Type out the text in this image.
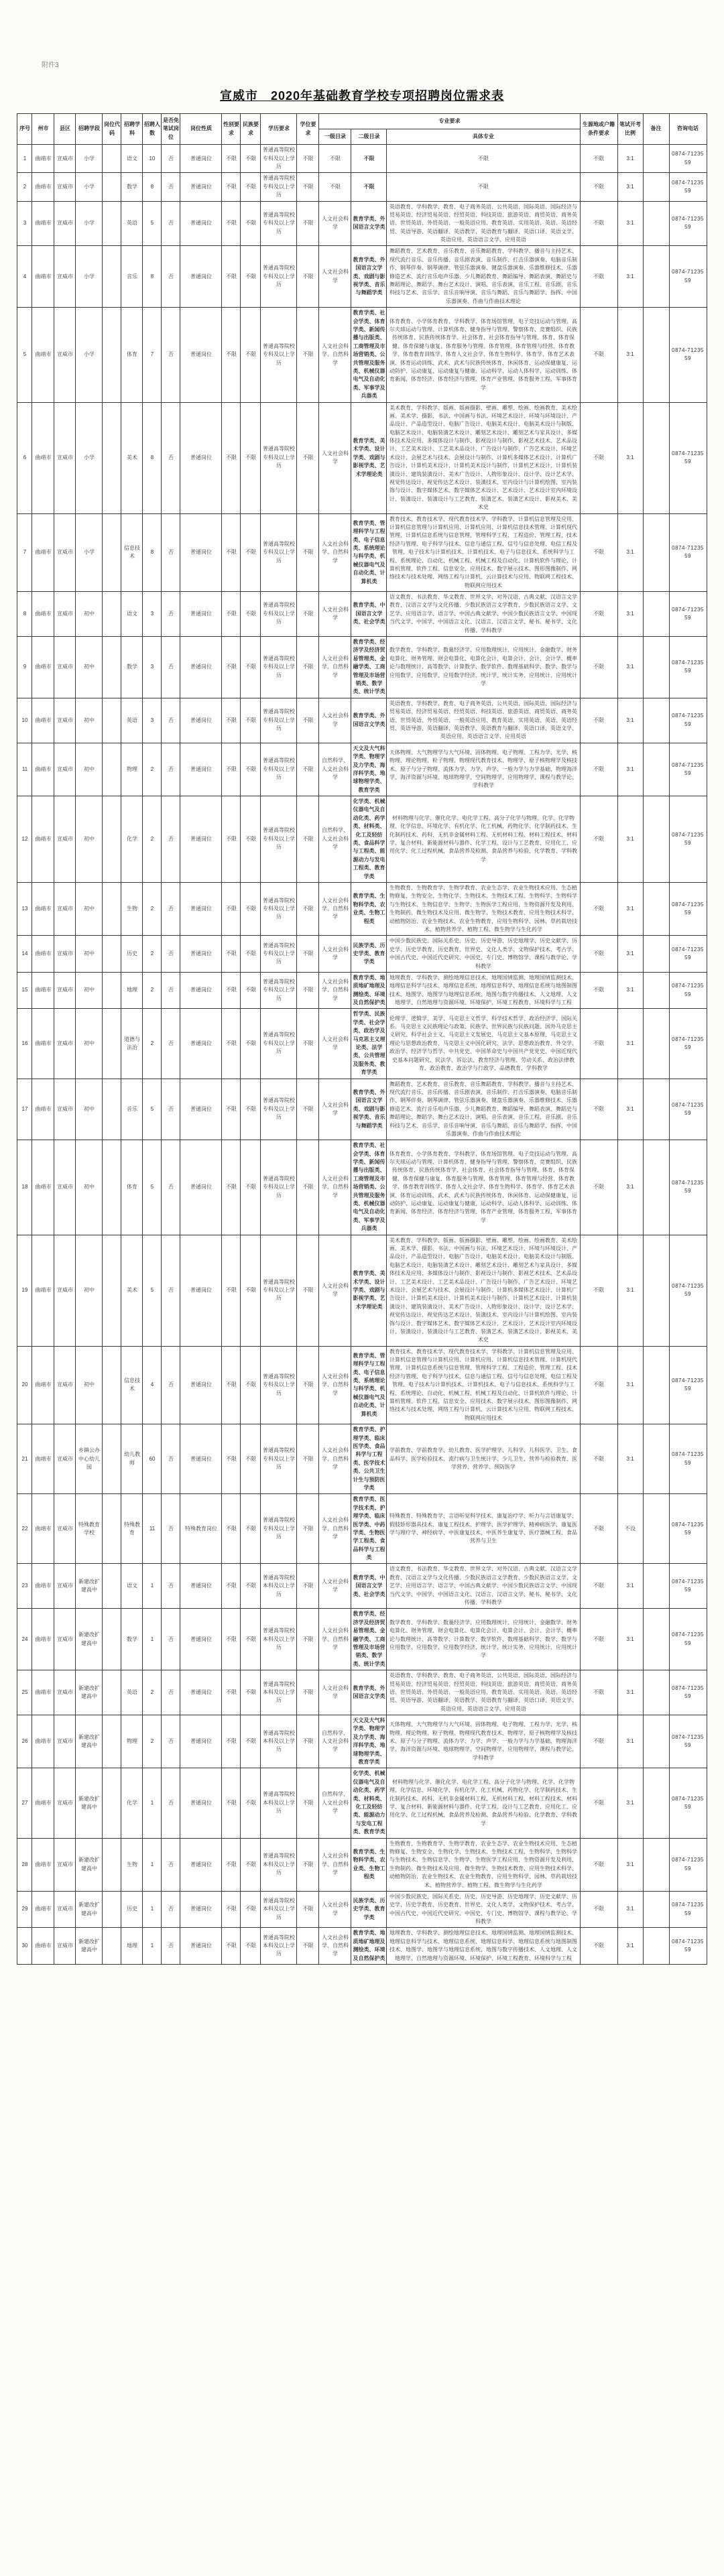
附件3
宣威市　2020年基础教育学校专项招聘岗位需求表
序号	州市	县区	招聘学段	岗位代码	招聘学科	招聘人数	是否免笔试岗位	岗位性质	性别要求	民族要求	学历要求	学位要求	专业要求			生源地或户籍条件要求	笔试开考比例	备注	咨询电话
													一级目录	二级目录	具体专业				
1	曲靖市	宣威市	小学		语文	10	否	普通岗位	不限	不限	普通高等院校专科及以上学历	不限	不限	不限	不限	不限	3:1		0874-7123559
2	曲靖市	宣威市	小学		数学	8	否	普通岗位	不限	不限	普通高等院校专科及以上学历	不限	不限	不限	不限	不限	3:1		0874-7123559
3	曲靖市	宣威市	小学		英语	5	否	普通岗位	不限	不限	普通高等院校专科及以上学历	不限	人文社会科学	教育学类、外国语言文学类	英语教育、学科教学、教育、电子商务英语、公共英语、国际英语、国际经济与贸易英语、经济贸易英语、经贸英语、科技英语、旅游英语、商贸英语、商务英语、世贸英语、外贸英语、一般英语应用、教育英语、实用英语、英语、英语经贸、英语导游、英语翻译、英语教学、英语教育与翻译、英语口译、英语文学、英语应用、英语语言文学、应用英语	不限	3:1		0874-7123559
4	曲靖市	宣威市	小学		音乐	8	否	普通岗位	不限	不限	普通高等院校专科及以上学历	不限	人文社会科学	教育学类、外国语言文学类、戏剧与影视学类、音乐与舞蹈学类	舞蹈教育、艺术教育、音乐教育、音乐舞蹈教育、学科教学、播音与主持艺术、现代流行音乐、音乐传播、音乐剧表演、音乐制作、打击乐器演奏、电脑音乐制作、钢琴伴奏、钢琴调律、管弦乐器演奏、键盘乐器演奏、乐器维修技术、乐器修造艺术、流行音乐电声乐器、少儿舞蹈教育、舞蹈编导、舞蹈表演、舞蹈史与舞蹈理论、舞蹈学、舞台艺术设计、演唱、音乐表演、音乐工程、音乐剧、音乐科技与艺术、音乐学、音乐音响导演、音乐与舞蹈、音乐与舞蹈学、指挥、中国乐器演奏、作曲与作曲技术理论	不限	3:1		0874-7123559
5	曲靖市	宣威市	小学		体育	7	否	普通岗位	不限	不限	普通高等院校专科及以上学历	不限	人文社会科学、自然科学	教育学类、社会学类、体育学类、新闻传播与出版类、工商管理及市场营销类、公共管理及服务类、机械仪器电气及自动化类、军事学及兵器类	体育教育、小学体育教育、学科教学、体育场馆管理、电子竞技运动与管理、高尔夫球运动与管理、计算机体育、健身指导与管理、警察体育、竞赛组织、民族传统体育、民族传统体育学、社会体育、社会体育指导与管理、体育、体育保健、体育保健与康复、体育服务与管理、体育管理、体育管理与经营、体育教学、体育教育训练学、体育人文社会学、体育生物科学、体育学、体育艺术表演、体育运动训练、武术、武术与民族传统体育、休闲体育、运动保健康复、运动防护、运动康复、运动康复与健康、运动科学、运动人体科学、运动训练、体育新闻、体育经济、体育经济与管理、体育产业管理、体育服务工程、军事体育学	不限	3:1		0874-7123559
6	曲靖市	宣威市	小学		美术	8	否	普通岗位	不限	不限	普通高等院校专科及以上学历	不限	人文社会科学	教育学类、美术学类、设计学类、戏剧与影视学类、艺术学理论类	美术教育、学科教学、版画、版画摄影、壁画、雕塑、绘画、绘画教育、美术绘画、美术学、摄影、书法、中国画与书法、环境艺术设计、环境与环境设计、产品设计、产品造型设计、电脑广告设计、电脑美术设计、电脑美术设计与制版、电脑艺术设计、电脑装潢艺术设计、雕刻艺术设计、雕刻艺术与家具设计、多媒体技术及应用、多媒体设计与制作、影视设计与制作、影视艺术技术、艺术品设计、工艺美术设计、工艺美术品设计、广告设计与制作、广告艺术设计、环境艺术设计、会展艺术与技术、会展设计与制作、计算机多媒体艺术设计、计算机广告设计、计算机美术设计、计算机美术设计与制作、计算机艺术设计、计算机装潢设计、建筑装潢设计、美术广告设计、人物形象设计、设计学、设计艺术学、视觉传达设计、视觉传达艺术设计、装潢技术、室内设计与计算机绘图、室内装饰与设计、数字媒体艺术、数字媒体艺术设计、艺术设计、艺术设计室内环境设计、装潢设计、装潢设计与工艺教育、装潢艺术、装潢艺术设计、影视美术、美术史	不限	3:1		0874-7123559
7	曲靖市	宣威市	小学		信息技术	8	否	普通岗位	不限	不限	普通高等院校专科及以上学历	不限	人文社会科学、自然科学	教育学类、管理科学与工程类、电子信息类、系统理论与科学类、机械仪器电气及自动化类、计算机类	教育技术、教育技术学、现代教育技术学、学科教学、计算机信息管理及应用、计算机信息管理与计算机应用、计算机应用、计算机信息技术管理、计算机现代管理、计算机信息系统与信息管理、管理科学工程、工程造价、管理工程、技术经济与管理、电子科学与技术、信息与通信工程、信号与信息处理、电信工程及管理、电子技术与计算机技术、计算机技术、电子与信息技术、系统科学与工程、系统理论、自动化、机械工程、机械工程及自动化、计算机软件与理论、计算机管理、软件工程、信息安全、应用技术、数字展示技术、图形图像制作、网络技术与技术处理、网络工程与计算机、云计算技术与应用、物联网工程技术、物联网应用技术	不限	3:1		0874-7123559
8	曲靖市	宣威市	初中		语文	3	否	普通岗位	不限	不限	普通高等院校专科及以上学历	不限	人文社会科学	教育学类、中国语言文学类、社会学类	语文教育、书法教育、华文教育、世界文学、对外汉语、古典文献、汉语言文学教育、汉语言文学与文化传播、少数民族语言文学教育、少数民族语言文学、文艺学、应用语言学、语言学、中国古典文献学、中国少数民族语言文学、中国现当代文学、中国学、中国语言文化、汉语言、汉语言文学、秘书、秘书学、文化传播、学科教学	不限	3:1		0874-7123559
9	曲靖市	宣威市	初中		数学	3	否	普通岗位	不限	不限	普通高等院校专科及以上学历	不限	人文社会科学、自然科学	教育学类、经济学及经济贸易管理类、金融学类、工商管理及市场营销类、数学类、统计学类	数学教育、学科教学、数量经济学、应用数理统计、应用统计、金融数学、财务电算化、财务管理、财会电算化、电算化会计、电算会计、会计、会计学、概率论与数理统计、高等数学、计算数学、数学软件、数理基础科学、数学、数学与应用数学、应用数学、应用数学经济、统计学、统计实务、应用统计、应用统计学	不限	3:1		0874-7123559
10	曲靖市	宣威市	初中		英语	3	否	普通岗位	不限	不限	普通高等院校专科及以上学历	不限	人文社会科学	教育学类、外国语言文学类	英语教育、学科教学、教育、电子商务英语、公共英语、国际英语、国际经济与贸易英语、经济贸易英语、经贸英语、科技英语、旅游英语、商贸英语、商务英语、世贸英语、外贸英语、一般英语应用、教育英语、实用英语、英语、英语经贸、英语导游、英语翻译、英语教学、英语教育与翻译、英语口译、英语文学、英语应用、英语语言文学、应用英语	不限	3:1		0874-7123559
11	曲靖市	宣威市	初中		物理	2	否	普通岗位	不限	不限	普通高等院校专科及以上学历	不限	自然科学、人文社会科学	天文及大气科学类、物理学及力学类、海洋科学类、地球物理学类、教育学类	天体物理、大气物理学与大气环境、固体物理、电子物理、工程力学、光学、核物理、理论物理、粒子物理、物理现代教育技术、物理学、原子核物理学及核技术、原子与分子物理、流体力学、力学、声学、一般力学与力学基础、物理海洋学、海洋资源与环境、地球物理学、空间物理学、应用物理学、课程与教学论、学科教学	不限	3:1		0874-7123559
12	曲靖市	宣威市	初中		化学	2	否	普通岗位	不限	不限	普通高等院校专科及以上学历	不限	自然科学、人文社会科学	化学类、机械仪器电气及自动化类、药学类、材料类、化工及轻纺类、食品科学与工程类、能源动力与发电工程类、教育学类	材料物理与化学、催化化学、电化学工程、高分子化学与物理、化学、化学物理、化学信息、环境化学、有机化学、化工机械、药物化学、化学制药技术、生化制药技术、药科、无机非金属材料工程、无机材料工程、材料工程技术、材料学、复合材料、新能源材料与器件、化学工程、设计与工艺教育、应用化工、应用化学、化工过程机械、食品营养及检测、食品营养与检验、化学教育、学科教学	不限	3:1		0874-7123559
13	曲靖市	宣威市	初中		生物	2	否	普通岗位	不限	不限	普通高等院校专科及以上学历	不限	人文社会科学、自然科学	教育学类、生物科学类、农业类、生物工程类	生物教育、生物教育学、生物学教育、农业生态学、农业生物技术应用、生态植物修复、生物安全、生物化学、生物技术、生物技术工程、生物科学、生物科学与生物技术、生物信息学、生物学、生物医学工程应用、生物资源开发及利用、生物制药、微生物技术及应用、微生物学、生物技术教育、应用生物技术科学、动植物防治、农业生物技术、农业生物教育、应用生物科学、园林、草药栽培技术、植物营养学、植物工程、微生物学与生化药学	不限	3:1		0874-7123559
14	曲靖市	宣威市	初中		历史	2	否	普通岗位	不限	不限	普通高等院校专科及以上学历	不限	人文社会科学	民族学类、历史学类、教育学类	中国少数民族史、国际关系史、历史、历史导游、历史地理学、历史文献学、历史学、历史学教育、历史教育、世界史、文化人类学、文物保护技术、考古学、中国古代史、中国近代史研究、中国史、专门史、博物馆学、课程与教学论、学科教学	不限	3:1		0874-7123559
15	曲靖市	宣威市	初中		地理	2	否	普通岗位	不限	不限	普通高等院校专科及以上学历	不限	人文社会科学、自然科学	教育学类、地质地矿地理及测绘类、环境及自然保护类	地理教育、学科教学、测绘地理信息技术、地理国情监测、地理国情监测技术、地理信息科学与技术、地理信息系统、地理信息科学、地理信息系统与地图制图技术、地图学、地图学与地理信息系统、地图与数字传播技术、人文地理、人文地理学、自然地理与资源环境、环境保护、环境工程教育、环境科学与工程	不限	3:1		0874-7123559
16	曲靖市	宣威市	初中		道德与法治	2	否	普通岗位	不限	不限	普通高等院校专科及以上学历	不限	人文社会科学	哲学类、民族学类、社会学类、政治学及马克思主义理论类、法学类、公共管理及服务类、教育学类	伦理学、逻辑学、美学、马克思主义哲学、科学技术哲学、政治经济学、国际关系、马克思主义民族理论与政策、民族学、世界民族与民族问题、国外马克思主义研究、科学社会主义、马克思主义发展史、马克思主义基本原理、马克思主义理论与思想政治教育、马克思主义中国化研究、法学、思想政治教育、外交学、政治学、经济学与哲学、中共党史、中国革命史与中国共产党党史、中国近现代史基本问题研究、民法学、诉讼法、教育经济与管理、劳动关系、政治法律教育、政治教育、政治学与行政学、品德教育、学科教学	不限	3:1		0874-7123559
17	曲靖市	宣威市	初中		音乐	5	否	普通岗位	不限	不限	普通高等院校专科及以上学历	不限	人文社会科学	教育学类、外国语言文学类、戏剧与影视学类、音乐与舞蹈学类	舞蹈教育、艺术教育、音乐教育、音乐舞蹈教育、学科教学、播音与主持艺术、现代流行音乐、音乐传播、音乐剧表演、音乐制作、打击乐器演奏、电脑音乐制作、钢琴伴奏、钢琴调律、管弦乐器演奏、键盘乐器演奏、乐器维修技术、乐器修造艺术、流行音乐电声乐器、少儿舞蹈教育、舞蹈编导、舞蹈表演、舞蹈史与舞蹈理论、舞蹈学、舞台艺术设计、演唱、音乐表演、音乐工程、音乐剧、音乐科技与艺术、音乐学、音乐音响导演、音乐与舞蹈、音乐与舞蹈学、指挥、中国乐器演奏、作曲与作曲技术理论	不限	3:1		0874-7123559
18	曲靖市	宣威市	初中		体育	5	否	普通岗位	不限	不限	普通高等院校专科及以上学历	不限	人文社会科学、自然科学	教育学类、社会学类、体育学类、新闻传播与出版类、工商管理及市场营销类、公共管理及服务类、机械仪器电气及自动化类、军事学及兵器类	体育教育、小学体育教育、学科教学、体育场馆管理、电子竞技运动与管理、高尔夫球运动与管理、计算机体育、健身指导与管理、警察体育、竞赛组织、民族传统体育、民族传统体育学、社会体育、社会体育指导与管理、体育、体育保健、体育保健与康复、体育服务与管理、体育管理、体育管理与经营、体育教学、体育教育训练学、体育人文社会学、体育生物科学、体育学、体育艺术表演、体育运动训练、武术、武术与民族传统体育、休闲体育、运动保健康复、运动防护、运动康复、运动康复与健康、运动科学、运动人体科学、运动训练、体育新闻、体育经济、体育经济与管理、体育产业管理、体育服务工程、军事体育学	不限	3:1		0874-7123559
19	曲靖市	宣威市	初中		美术	5	否	普通岗位	不限	不限	普通高等院校专科及以上学历	不限	人文社会科学	教育学类、美术学类、设计学类、戏剧与影视学类、艺术学理论类	美术教育、学科教学、版画、版画摄影、壁画、雕塑、绘画、绘画教育、美术绘画、美术学、摄影、书法、中国画与书法、环境艺术设计、环境与环境设计、产品设计、产品造型设计、电脑广告设计、电脑美术设计、电脑美术设计与制版、电脑艺术设计、电脑装潢艺术设计、雕刻艺术设计、雕刻艺术与家具设计、多媒体技术及应用、多媒体设计与制作、影视设计与制作、影视艺术技术、艺术品设计、工艺美术设计、工艺美术品设计、广告设计与制作、广告艺术设计、环境艺术设计、会展艺术与技术、会展设计与制作、计算机多媒体艺术设计、计算机广告设计、计算机美术设计、计算机美术设计与制作、计算机艺术设计、计算机装潢设计、建筑装潢设计、美术广告设计、人物形象设计、设计学、设计艺术学、视觉传达设计、视觉传达艺术设计、装潢技术、室内设计与计算机绘图、室内装饰与设计、数字媒体艺术、数字媒体艺术设计、艺术设计、艺术设计室内环境设计、装潢设计、装潢设计与工艺教育、装潢艺术、装潢艺术设计、影视美术、美术史	不限	3:1		0874-7123559
20	曲靖市	宣威市	初中		信息技术	4	否	普通岗位	不限	不限	普通高等院校专科及以上学历	不限	人文社会科学、自然科学	教育学类、管理科学与工程类、电子信息类、系统理论与科学类、机械仪器电气及自动化类、计算机类	教育技术、教育技术学、现代教育技术学、学科教学、计算机信息管理及应用、计算机信息管理与计算机应用、计算机应用、计算机信息技术管理、计算机现代管理、计算机信息系统与信息管理、管理科学工程、工程造价、管理工程、技术经济与管理、电子科学与技术、信息与通信工程、信号与信息处理、电信工程及管理、电子技术与计算机技术、计算机技术、电子与信息技术、系统科学与工程、系统理论、自动化、机械工程、机械工程及自动化、计算机软件与理论、计算机管理、软件工程、信息安全、应用技术、数字展示技术、图形图像制作、网络技术与技术处理、网络工程与计算机、云计算技术与应用、物联网工程技术、物联网应用技术	不限	3:1		0874-7123559
21	曲靖市	宣威市	乡镇公办中心幼儿园		幼儿教师	60	否	普通岗位	不限	不限	普通高等院校专科及以上学历	不限	人文社会科学、自然科学	教育学类、护理学类、临床医学类、食品科学与工程类、医学技术类、公共卫生计生与预防医学类	学前教育、学前教育学、幼儿教育、医学护理学、儿科学、儿科医学、卫生、食品科学、医学检验技术、流行病与卫生统计学、少儿卫生、营养与检验教育、医学营养、营养学、预防医学	不限	3:1		0874-7123559
22	曲靖市	宣威市	特殊教育学校		特殊教育	11	否	特殊教育岗位	不限	不限	普通高等院校专科及以上学历	不限	人文社会科学、自然科学	教育学类、医学技术类、护理学类、临床医学类、中药学类、生物医学工程类、食品科学与工程类	特殊教育、特殊教育学、言语听觉科学技术、康复治疗学、听力与言语康复学、假肢矫形器具技术、康复工程技术、护理学、医学护理学、精神病医学、康复医学与理疗学、神经病学、中医康复技术、中医养生康复学、医疗器械工程、食品营养与卫生	不限	不设		0874-7123559
23	曲靖市	宣威市	新建改扩建高中		语文	1	否	普通岗位	不限	不限	普通高等院校本科及以上学历	不限	人文社会科学	教育学类、中国语言文学类、社会学类	语文教育、书法教育、华文教育、世界文学、对外汉语、古典文献、汉语言文学教育、汉语言文学与文化传播、少数民族语言文学教育、少数民族语言文学、文艺学、应用语言学、语言学、中国古典文献学、中国少数民族语言文学、中国现当代文学、中国学、中国语言文化、汉语言、汉语言文学、秘书、秘书学、文化传播、学科教学	不限	3:1		0874-7123559
24	曲靖市	宣威市	新建改扩建高中		数学	1	否	普通岗位	不限	不限	普通高等院校本科及以上学历	不限	人文社会科学、自然科学	教育学类、经济学及经济贸易管理类、金融学类、工商管理及市场营销类、数学类、统计学类	数学教育、学科教学、数量经济学、应用数理统计、应用统计、金融数学、财务电算化、财务管理、财会电算化、电算化会计、电算会计、会计、会计学、概率论与数理统计、高等数学、计算数学、数学软件、数理基础科学、数学、数学与应用数学、应用数学、应用数学经济、统计学、统计实务、应用统计、应用统计学	不限	3:1		0874-7123559
25	曲靖市	宣威市	新建改扩建高中		英语	2	否	普通岗位	不限	不限	普通高等院校本科及以上学历	不限	人文社会科学	教育学类、外国语言文学类	英语教育、学科教学、教育、电子商务英语、公共英语、国际英语、国际经济与贸易英语、经济贸易英语、经贸英语、科技英语、旅游英语、商贸英语、商务英语、世贸英语、外贸英语、一般英语应用、教育英语、实用英语、英语、英语经贸、英语导游、英语翻译、英语教学、英语教育与翻译、英语口译、英语文学、英语应用、英语语言文学、应用英语	不限	3:1		0874-7123559
26	曲靖市	宣威市	新建改扩建高中		物理	2	否	普通岗位	不限	不限	普通高等院校本科及以上学历	不限	自然科学、人文社会科学	天文及大气科学类、物理学及力学类、海洋科学类、地球物理学类、教育学类	天体物理、大气物理学与大气环境、固体物理、电子物理、工程力学、光学、核物理、理论物理、粒子物理、物理现代教育技术、物理学、原子核物理学及核技术、原子与分子物理、流体力学、力学、声学、一般力学与力学基础、物理海洋学、海洋资源与环境、地球物理学、空间物理学、应用物理学、课程与教学论、学科教学	不限	3:1		0874-7123559
27	曲靖市	宣威市	新建改扩建高中		化学	1	否	普通岗位	不限	不限	普通高等院校本科及以上学历	不限	自然科学、人文社会科学	化学类、机械仪器电气及自动化类、药学类、材料类、化工及轻纺类、能源动力与发电工程类、教育学类	材料物理与化学、催化化学、电化学工程、高分子化学与物理、化学、化学物理、化学信息、环境化学、有机化学、化工机械、药物化学、化学制药技术、生化制药技术、药科、无机非金属材料工程、无机材料工程、材料工程技术、材料学、复合材料、新能源材料与器件、化学工程、设计与工艺教育、应用化工、应用化学、化工过程机械、食品营养及检测、食品营养与检验、化学教育、学科教学	不限	3:1		0874-7123559
28	曲靖市	宣威市	新建改扩建高中		生物	1	否	普通岗位	不限	不限	普通高等院校本科及以上学历	不限	人文社会科学、自然科学	教育学类、生物科学类、农业类、生物工程类	生物教育、生物教育学、生物学教育、农业生态学、农业生物技术应用、生态植物修复、生物安全、生物化学、生物技术、生物技术工程、生物科学、生物科学与生物技术、生物信息学、生物学、生物医学工程应用、生物资源开发及利用、生物制药、微生物技术及应用、微生物学、生物技术教育、应用生物技术科学、动植物防治、农业生物技术、农业生物教育、应用生物科学、园林、草药栽培技术、植物营养学、植物工程、微生物学与生化药学	不限	3:1		0874-7123559
29	曲靖市	宣威市	新建改扩建高中		历史	1	否	普通岗位	不限	不限	普通高等院校本科及以上学历	不限	人文社会科学	民族学类、历史学类、教育学类	中国少数民族史、国际关系史、历史、历史导游、历史地理学、历史文献学、历史学、历史学教育、历史教育、世界史、文化人类学、文物保护技术、考古学、中国古代史、中国近代史研究、中国史、专门史、博物馆学、课程与教学论、学科教学	不限	3:1		0874-7123559
30	曲靖市	宣威市	新建改扩建高中		地理	1	否	普通岗位	不限	不限	普通高等院校本科及以上学历	不限	人文社会科学、自然科学	教育学类、地质地矿地理及测绘类、环境及自然保护类	地理教育、学科教学、测绘地理信息技术、地理国情监测、地理国情监测技术、地理信息科学与技术、地理信息系统、地理信息科学、地理信息系统与地图制图技术、地图学、地图学与地理信息系统、地图与数字传播技术、人文地理、人文地理学、自然地理与资源环境、环境保护、环境工程教育、环境科学与工程	不限	3:1		0874-7123559
